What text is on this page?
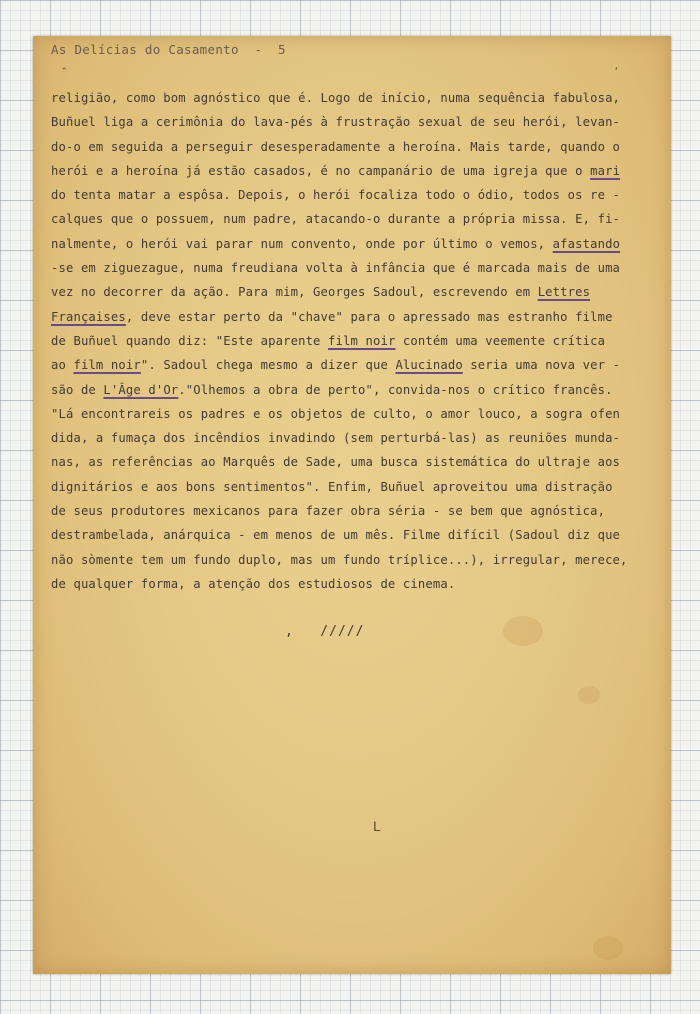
As Delícias do Casamento  -  5
ˆ	ʹ
religião, como bom agnóstico que é. Logo de início, numa sequência fabulosa,
Buñuel liga a cerimônia do lava-pés à frustração sexual de seu herói, levan-
do-o em seguida a perseguir desesperadamente a heroína. Mais tarde, quando o
herói e a heroína já estão casados, é no campanário de uma igreja que o mari
do tenta matar a espôsa. Depois, o herói focaliza todo o ódio, todos os re -
calques que o possuem, num padre, atacando-o durante a própria missa. E, fi-
nalmente, o herói vai parar num convento, onde por último o vemos, afastando
-se em ziguezague, numa freudiana volta à infância que é marcada mais de uma
vez no decorrer da ação. Para mim, Georges Sadoul, escrevendo em Lettres
Françaises, deve estar perto da "chave" para o apressado mas estranho filme
de Buñuel quando diz: "Este aparente film noir contém uma veemente crítica
ao film noir". Sadoul chega mesmo a dizer que Alucinado seria uma nova ver -
são de L'Âge d'Or."Olhemos a obra de perto", convida-nos o crítico francês.
"Lá encontrareis os padres e os objetos de culto, o amor louco, a sogra ofen
dida, a fumaça dos incêndios invadindo (sem perturbá-las) as reuniões munda-
nas, as referências ao Marquês de Sade, uma busca sistemática do ultraje aos
dignitários e aos bons sentimentos". Enfim, Buñuel aproveitou uma distração
de seus produtores mexicanos para fazer obra séria - se bem que agnóstica,
destrambelada, anárquica - em menos de um mês. Filme difícil (Sadoul diz que
não sòmente tem um fundo duplo, mas um fundo tríplice...), irregular, merece,
de qualquer forma, a atenção dos estudiosos de cinema.
,   /////
ᒪ
